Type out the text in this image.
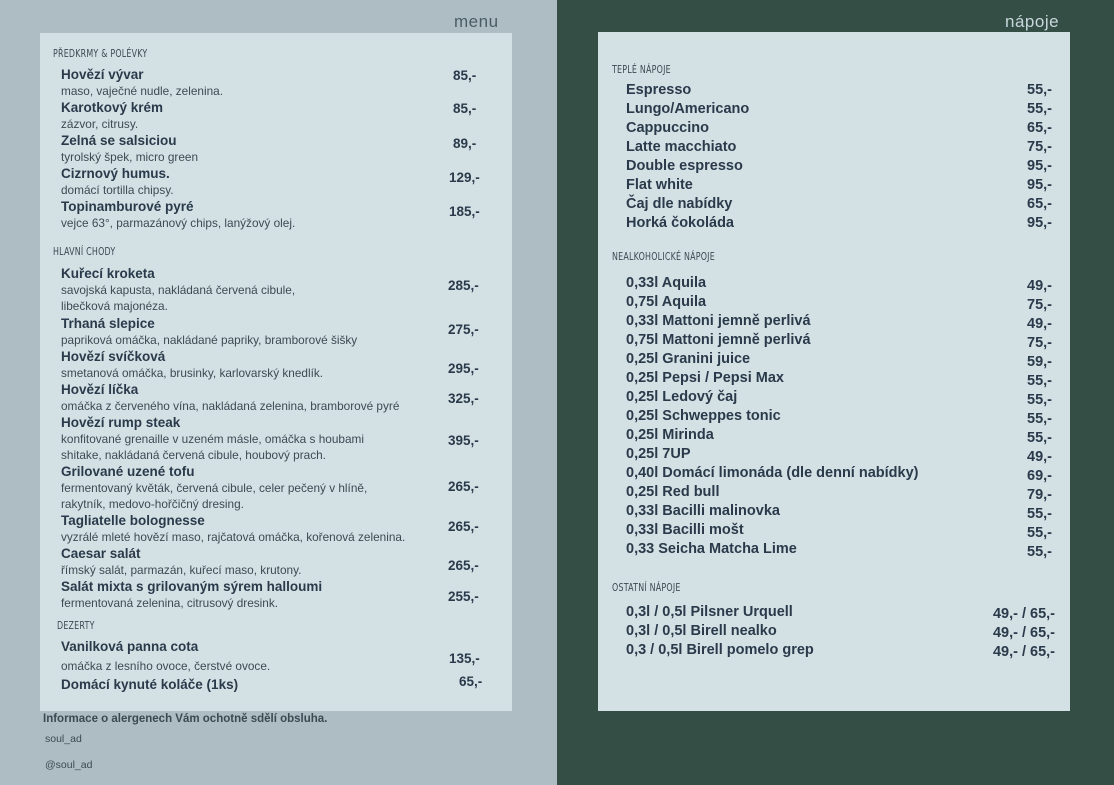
menu	nápoje
PŘEDKRMY & POLÉVKY
HLAVNÍ CHODY
DEZERTY
Hovězí vývar
maso, vaječné nudle, zelenina.
85,-
Karotkový krém
zázvor, citrusy.
85,-
Zelná se salsiciou
tyrolský špek, micro green
89,-
Cizrnový humus.
domácí tortilla chipsy.
129,-
Topinamburové pyré
vejce 63°, parmazánový chips, lanýžový olej.
185,-
Kuřecí kroketa
savojská kapusta, nakládaná červená cibule,
libečková majonéza.
285,-
Trhaná slepice
papriková omáčka, nakládané papriky, bramborové šišky
275,-
Hovězí svíčková
smetanová omáčka, brusinky, karlovarský knedlík.	295,-
Hovězí líčka
omáčka z červeného vína, nakládaná zelenina, bramborové pyré	325,-
Hovězí rump steak
konfitované grenaille v uzeném másle, omáčka s houbami
shitake, nakládaná červená cibule, houbový prach.
395,-
Grilované uzené tofu
fermentovaný květák, červená cibule, celer pečený v hlíně,
rakytník, medovo-hořčičný dresing.
265,-
Tagliatelle bolognesse
vyzrálé mleté hovězí maso, rajčatová omáčka, kořenová zelenina.
265,-
Caesar salát
římský salát, parmazán, kuřecí maso, krutony.	265,-
Salát mixta s grilovaným sýrem halloumi
fermentovaná zelenina, citrusový dresink.	255,-
Vanilková panna cota
omáčka z lesního ovoce, čerstvé ovoce.	135,-
Domácí kynuté koláče (1ks)	65,-
Informace o alergenech Vám ochotně sdělí obsluha.
soul_ad
@soul_ad
TEPLÉ NÁPOJE
NEALKOHOLICKÉ NÁPOJE
OSTATNÍ NÁPOJE
Espresso	55,-
Lungo/Americano	55,-
Cappuccino	65,-
Latte macchiato	75,-
Double espresso	95,-
Flat white	95,-
Čaj dle nabídky	65,-
Horká čokoláda	95,-
0,33l Aquila	49,-
0,75l Aquila	75,-
0,33l Mattoni jemně perlivá	49,-
0,75l Mattoni jemně perlivá	75,-
0,25l Granini juice	59,-
0,25l Pepsi / Pepsi Max	55,-
0,25l Ledový čaj	55,-
0,25l Schweppes tonic	55,-
0,25l Mirinda	55,-
0,25l 7UP	49,-
0,40l Domácí limonáda (dle denní nabídky)	69,-
0,25l Red bull	79,-
0,33l Bacilli malinovka	55,-
0,33l Bacilli mošt	55,-
0,33 Seicha Matcha Lime	55,-
0,3l / 0,5l Pilsner Urquell	49,- / 65,-
0,3l / 0,5l Birell nealko	49,- / 65,-
0,3 / 0,5l Birell pomelo grep	49,- / 65,-
